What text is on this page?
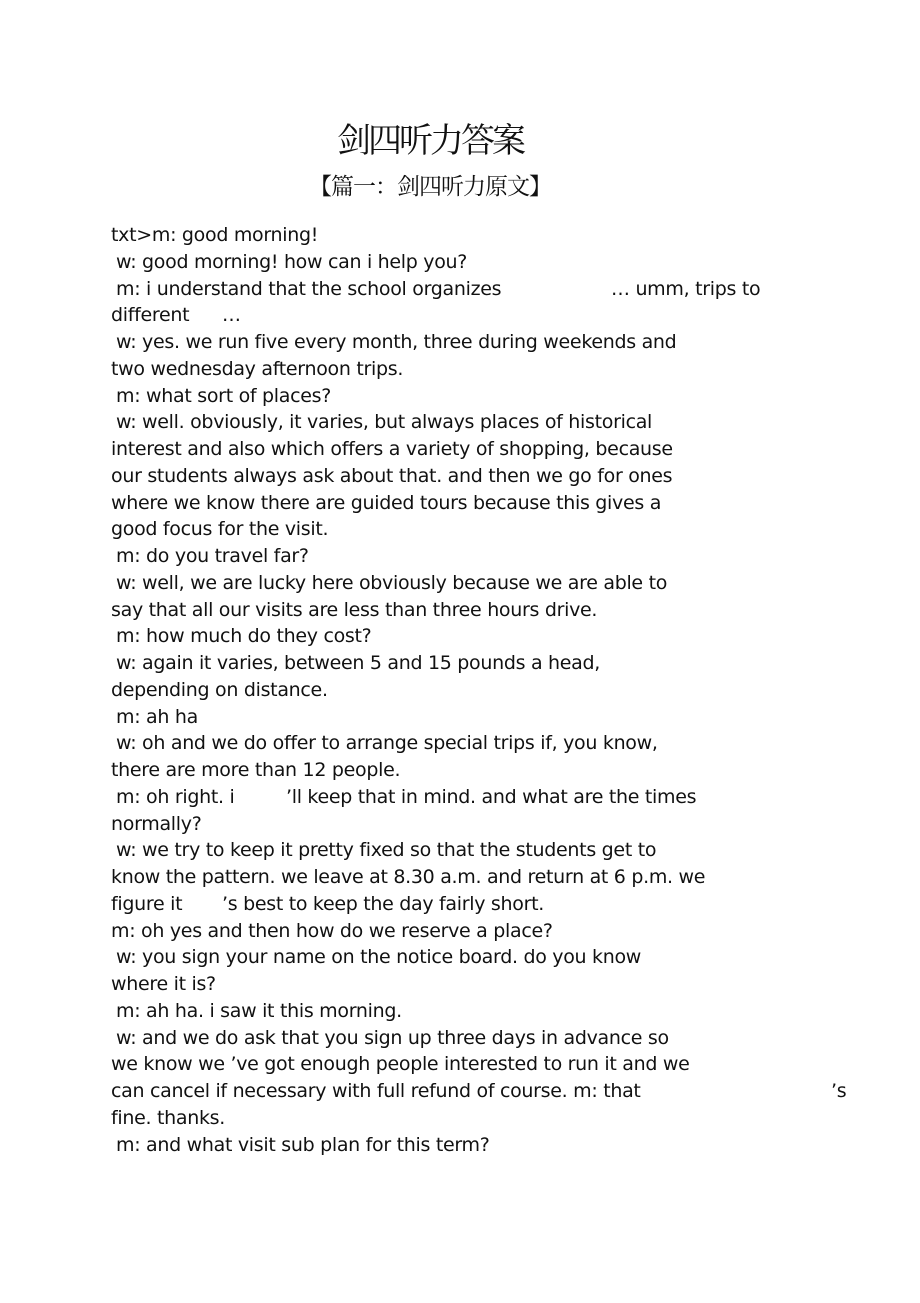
剑四听力答案
【篇一：剑四听力原文】
txt>m: good morning!
w: good morning! how can i help you?
m: i understand that the school organizes	… umm, trips to
different …
w: yes. we run five every month, three during weekends and
two wednesday afternoon trips.
m: what sort of places?
w: well. obviously, it varies, but always places of historical
interest and also which offers a variety of shopping, because
our students always ask about that. and then we go for ones
where we know there are guided tours because this gives a
good focus for the visit.
m: do you travel far?
w: well, we are lucky here obviously because we are able to
say that all our visits are less than three hours drive.
m: how much do they cost?
w: again it varies, between 5 and 15 pounds a head,
depending on distance.
m: ah ha
w: oh and we do offer to arrange special trips if, you know,
there are more than 12 people.
m: oh right. i	’ll keep that in mind. and what are the times
normally?
w: we try to keep it pretty fixed so that the students get to
know the pattern. we leave at 8.30 a.m. and return at 6 p.m. we
figure it ’s best to keep the day fairly short.
m: oh yes and then how do we reserve a place?
w: you sign your name on the notice board. do you know
where it is?
m: ah ha. i saw it this morning.
w: and we do ask that you sign up three days in advance so
we know we ’ve got enough people interested to run it and we
can cancel if necessary with full refund of course. m: that	’s
fine. thanks.
m: and what visit sub plan for this term?
